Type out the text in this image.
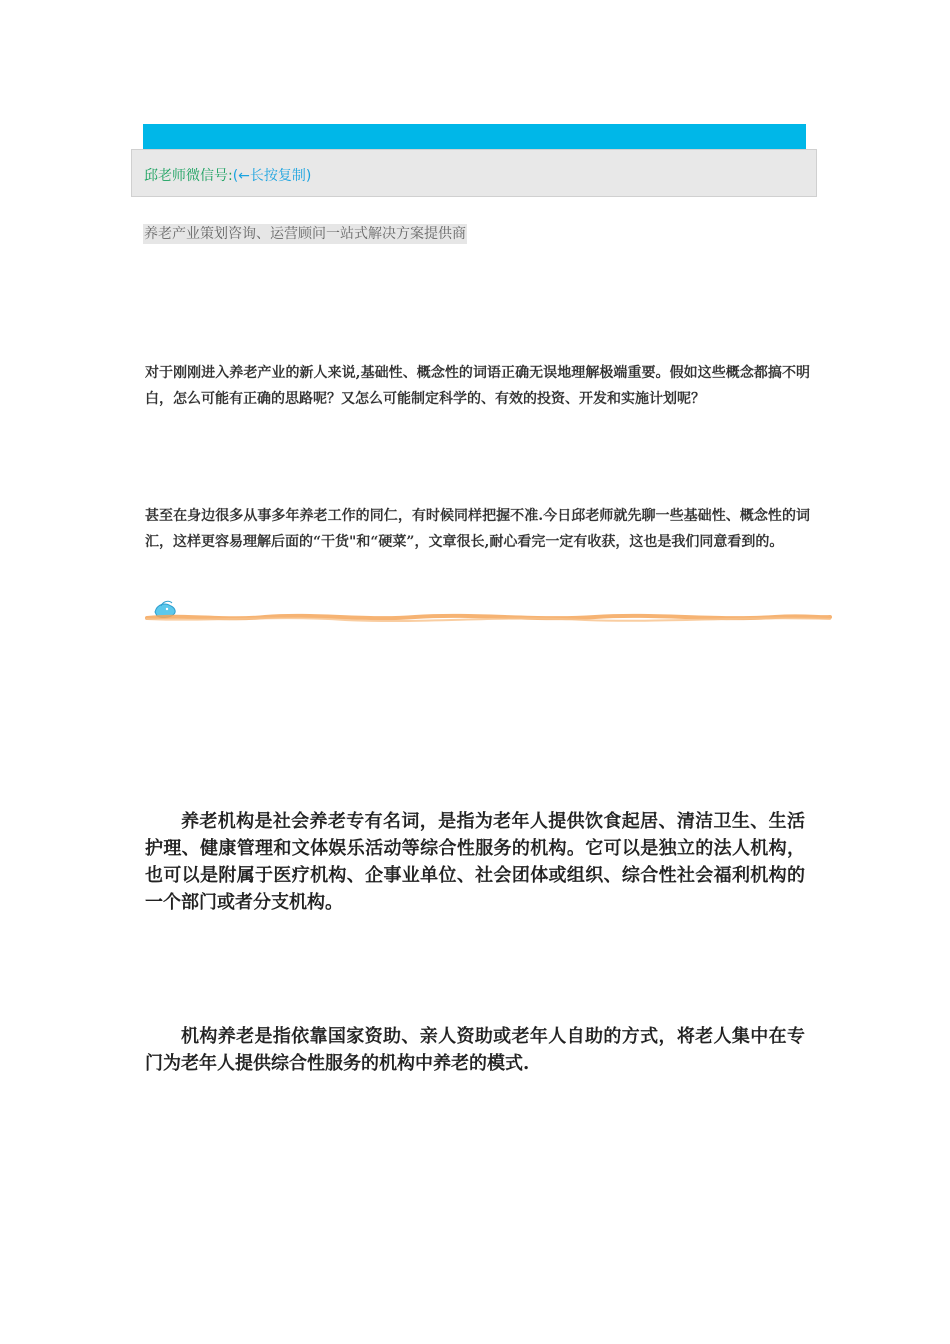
邱老师微信号:(←长按复制)
养老产业策划咨询、运营顾问一站式解决方案提供商

对于刚刚进入养老产业的新人来说,基础性、概念性的词语正确无误地理解极端重要。假如这些概念都搞不明白，怎么可能有正确的思路呢？又怎么可能制定科学的、有效的投资、开发和实施计划呢？

甚至在身边很多从事多年养老工作的同仁，有时候同样把握不准.今日邱老师就先聊一些基础性、概念性的词汇，这样更容易理解后面的“干货"和“硬菜”，文章很长,耐心看完一定有收获，这也是我们同意看到的。

养老机构是社会养老专有名词，是指为老年人提供饮食起居、清洁卫生、生活护理、健康管理和文体娱乐活动等综合性服务的机构。它可以是独立的法人机构，也可以是附属于医疗机构、企事业单位、社会团体或组织、综合性社会福利机构的一个部门或者分支机构。

机构养老是指依靠国家资助、亲人资助或老年人自助的方式，将老人集中在专门为老年人提供综合性服务的机构中养老的模式.
